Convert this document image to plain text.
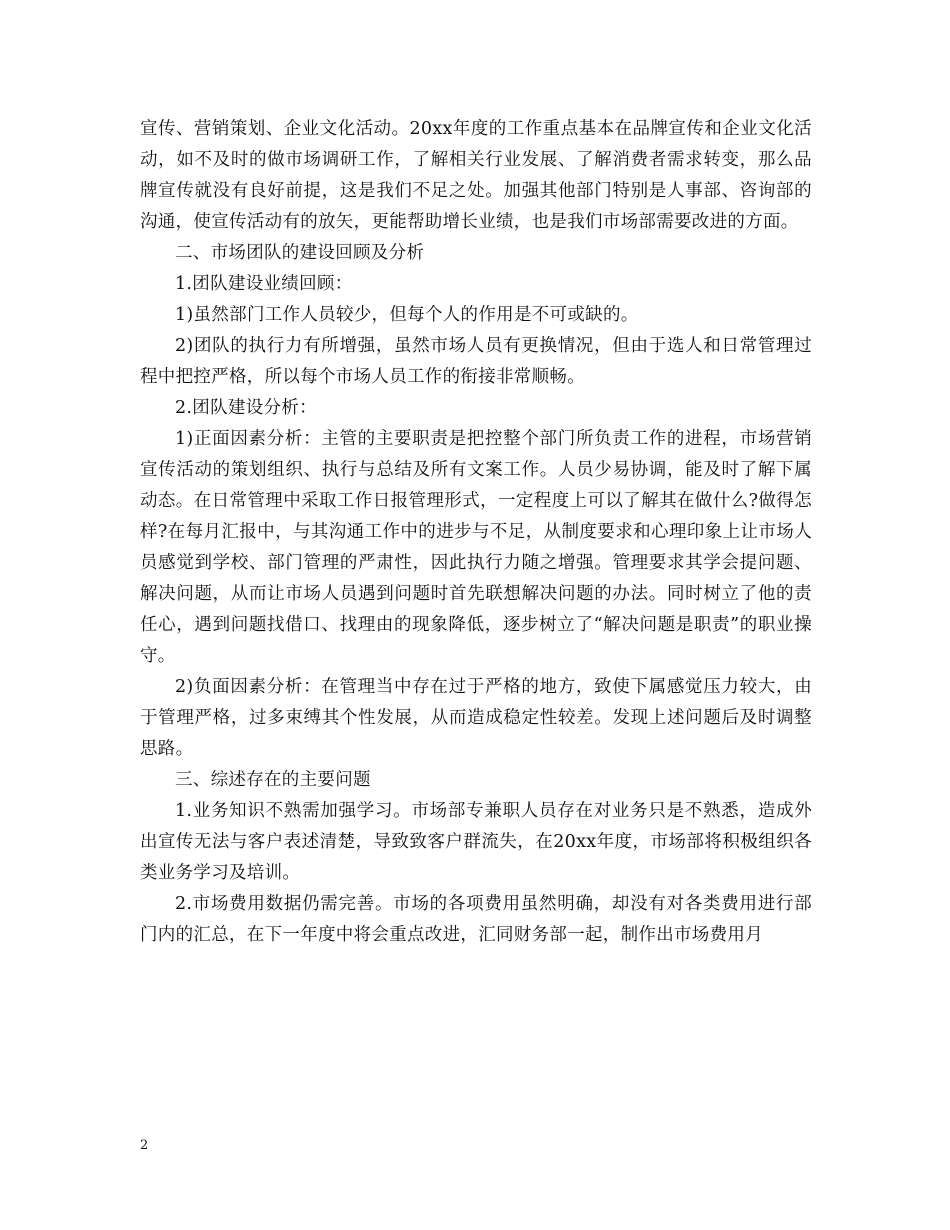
宣传、营销策划、企业文化活动。20xx年度的工作重点基本在品牌宣传和企业文化活动，如不及时的做市场调研工作，了解相关行业发展、了解消费者需求转变，那么品牌宣传就没有良好前提，这是我们不足之处。加强其他部门特别是人事部、咨询部的沟通，使宣传活动有的放矢，更能帮助增长业绩，也是我们市场部需要改进的方面。

二、市场团队的建设回顾及分析

1.团队建设业绩回顾：

1)虽然部门工作人员较少，但每个人的作用是不可或缺的。

2)团队的执行力有所增强，虽然市场人员有更换情况，但由于选人和日常管理过程中把控严格，所以每个市场人员工作的衔接非常顺畅。

2.团队建设分析：

1)正面因素分析：主管的主要职责是把控整个部门所负责工作的进程，市场营销宣传活动的策划组织、执行与总结及所有文案工作。人员少易协调，能及时了解下属动态。在日常管理中采取工作日报管理形式，一定程度上可以了解其在做什么?做得怎样?在每月汇报中，与其沟通工作中的进步与不足，从制度要求和心理印象上让市场人员感觉到学校、部门管理的严肃性，因此执行力随之增强。管理要求其学会提问题、解决问题，从而让市场人员遇到问题时首先联想解决问题的办法。同时树立了他的责任心，遇到问题找借口、找理由的现象降低，逐步树立了“解决问题是职责”的职业操守。

2)负面因素分析：在管理当中存在过于严格的地方，致使下属感觉压力较大，由于管理严格，过多束缚其个性发展，从而造成稳定性较差。发现上述问题后及时调整思路。

三、综述存在的主要问题

1.业务知识不熟需加强学习。市场部专兼职人员存在对业务只是不熟悉，造成外出宣传无法与客户表述清楚，导致致客户群流失，在20xx年度，市场部将积极组织各类业务学习及培训。

2.市场费用数据仍需完善。市场的各项费用虽然明确，却没有对各类费用进行部门内的汇总，在下一年度中将会重点改进，汇同财务部一起，制作出市场费用月

2
